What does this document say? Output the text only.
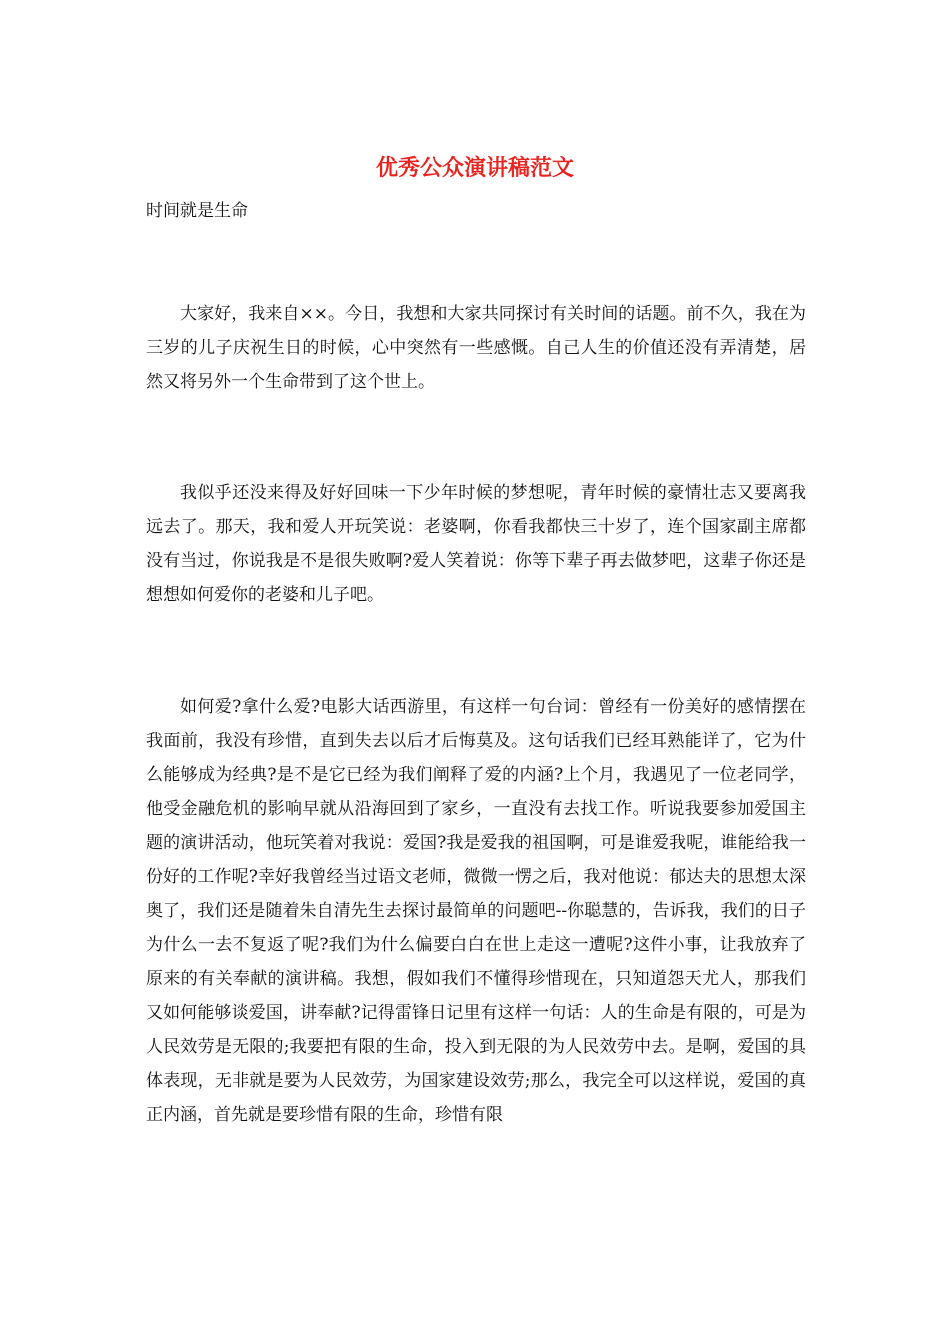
优秀公众演讲稿范文

时间就是生命

大家好，我来自××。今日，我想和大家共同探讨有关时间的话题。前不久，我在为三岁的儿子庆祝生日的时候，心中突然有一些感慨。自己人生的价值还没有弄清楚，居然又将另外一个生命带到了这个世上。

我似乎还没来得及好好回味一下少年时候的梦想呢，青年时候的豪情壮志又要离我远去了。那天，我和爱人开玩笑说：老婆啊，你看我都快三十岁了，连个国家副主席都没有当过，你说我是不是很失败啊?爱人笑着说：你等下辈子再去做梦吧，这辈子你还是想想如何爱你的老婆和儿子吧。

如何爱?拿什么爱?电影大话西游里，有这样一句台词：曾经有一份美好的感情摆在我面前，我没有珍惜，直到失去以后才后悔莫及。这句话我们已经耳熟能详了，它为什么能够成为经典?是不是它已经为我们阐释了爱的内涵?上个月，我遇见了一位老同学，他受金融危机的影响早就从沿海回到了家乡，一直没有去找工作。听说我要参加爱国主题的演讲活动，他玩笑着对我说：爱国?我是爱我的祖国啊，可是谁爱我呢，谁能给我一份好的工作呢?幸好我曾经当过语文老师，微微一愣之后，我对他说：郁达夫的思想太深奥了，我们还是随着朱自清先生去探讨最简单的问题吧--你聪慧的，告诉我，我们的日子为什么一去不复返了呢?我们为什么偏要白白在世上走这一遭呢?这件小事，让我放弃了原来的有关奉献的演讲稿。我想，假如我们不懂得珍惜现在，只知道怨天尤人，那我们又如何能够谈爱国，讲奉献?记得雷锋日记里有这样一句话：人的生命是有限的，可是为人民效劳是无限的;我要把有限的生命，投入到无限的为人民效劳中去。是啊，爱国的具体表现，无非就是要为人民效劳，为国家建设效劳;那么，我完全可以这样说，爱国的真正内涵，首先就是要珍惜有限的生命，珍惜有限
